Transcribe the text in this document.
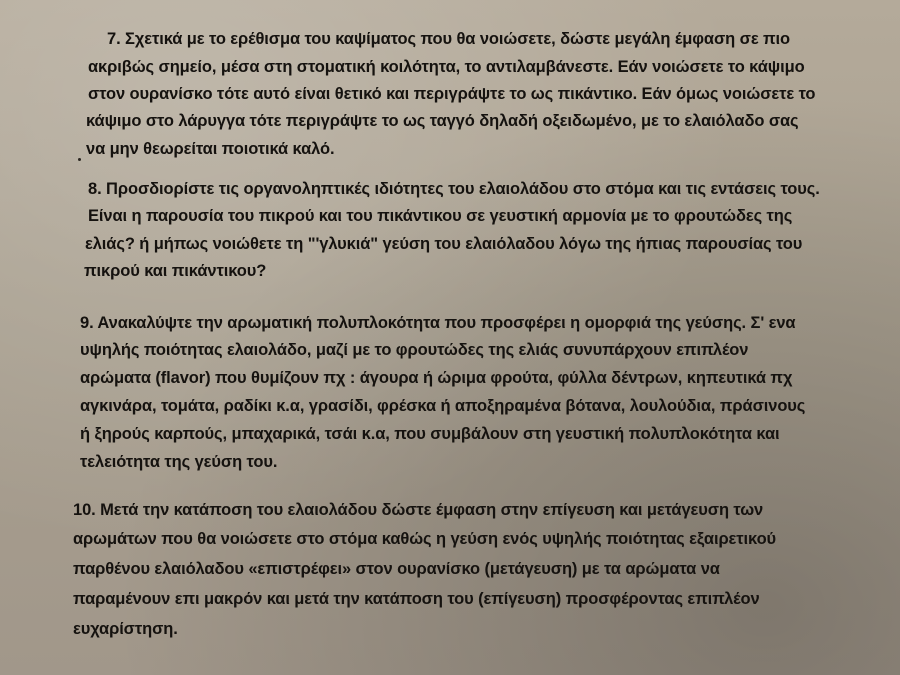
7. Σχετικά με το ερέθισμα του καψίματος που θα νοιώσετε, δώστε μεγάλη έμφαση σε πιο
ακριβώς σημείο, μέσα στη στοματική κοιλότητα, το αντιλαμβάνεστε. Εάν νοιώσετε το κάψιμο
στον ουρανίσκο τότε αυτό είναι θετικό και περιγράψτε το ως πικάντικο. Εάν όμως νοιώσετε το
κάψιμο στο λάρυγγα τότε περιγράψτε το ως ταγγό δηλαδή οξειδωμένο, με το ελαιόλαδο σας
να μην θεωρείται ποιοτικά καλό.
8. Προσδιορίστε τις οργανοληπτικές ιδιότητες του ελαιολάδου στο στόμα και τις εντάσεις τους.
Είναι η παρουσία του πικρού και του πικάντικου σε γευστική αρμονία με το φρουτώδες της
ελιάς? ή μήπως νοιώθετε τη "'γλυκιά" γεύση του ελαιόλαδου λόγω της ήπιας παρουσίας του
πικρού και πικάντικου?
9. Ανακαλύψτε την αρωματική πολυπλοκότητα που προσφέρει η ομορφιά της γεύσης. Σ' ενα
υψηλής ποιότητας ελαιολάδο, μαζί με το φρουτώδες της ελιάς συνυπάρχουν επιπλέον
αρώματα (flavor) που θυμίζουν πχ : άγουρα ή ώριμα φρούτα, φύλλα δέντρων, κηπευτικά πχ
αγκινάρα, τομάτα, ραδίκι κ.α, γρασίδι, φρέσκα ή αποξηραμένα βότανα, λουλούδια, πράσινους
ή ξηρούς καρπούς, μπαχαρικά, τσάι κ.α, που συμβάλουν στη γευστική πολυπλοκότητα και
τελειότητα της γεύση του.
10. Μετά την κατάποση του ελαιολάδου δώστε έμφαση στην επίγευση και μετάγευση των
αρωμάτων που θα νοιώσετε στο στόμα καθώς η γεύση ενός υψηλής ποιότητας εξαιρετικού
παρθένου ελαιόλαδου «επιστρέφει» στον ουρανίσκο (μετάγευση) με τα αρώματα να
παραμένουν επι μακρόν και μετά την κατάποση του (επίγευση) προσφέροντας επιπλέον
ευχαρίστηση.
